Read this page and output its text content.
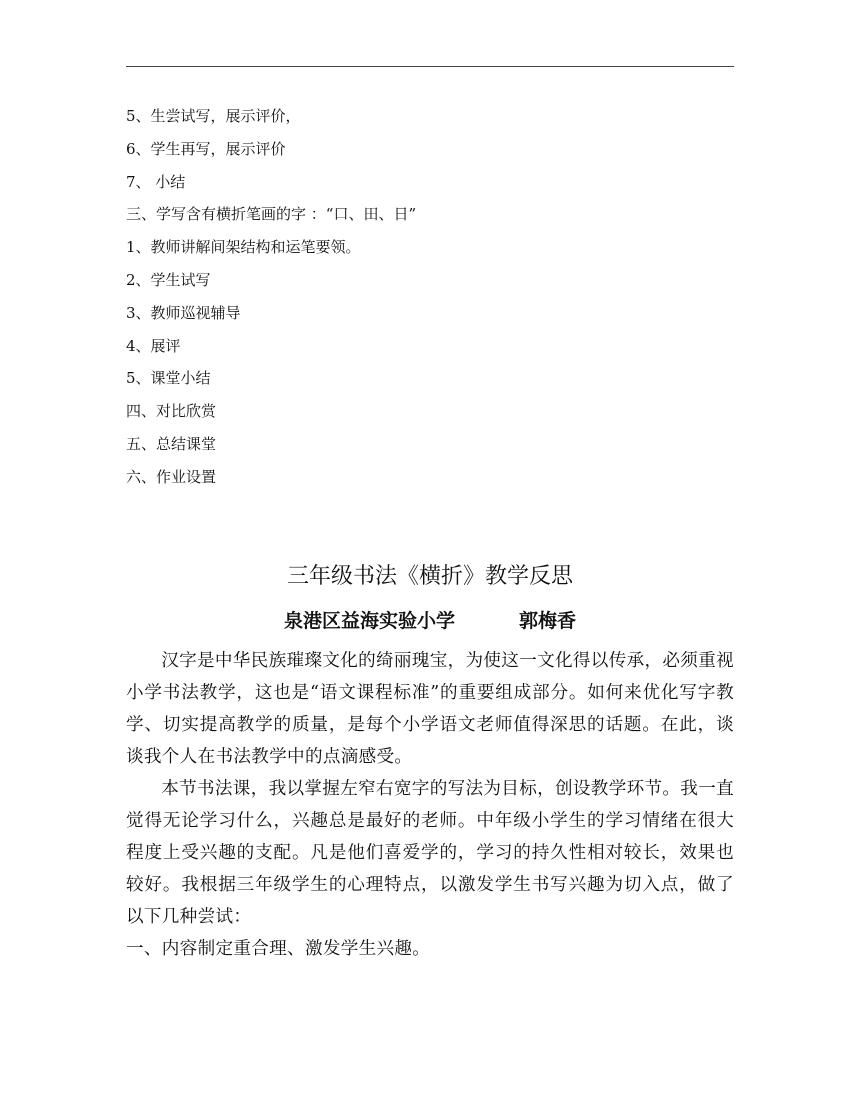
5、生尝试写，展示评价，
6、学生再写，展示评价
7、 小结
三、学写含有横折笔画的字 ：“口、田、日”
1、教师讲解间架结构和运笔要领。
2、学生试写
3、教师巡视辅导
4、展评
5、课堂小结
四、对比欣赏
五、总结课堂
六、作业设置
三年级书法《横折》教学反思
泉港区益海实验小学	郭梅香

汉字是中华民族璀璨文化的绮丽瑰宝，为使这一文化得以传承，必须重视小学书法教学，这也是“语文课程标准”的重要组成部分。如何来优化写字教学、切实提高教学的质量，是每个小学语文老师值得深思的话题。在此，谈谈我个人在书法教学中的点滴感受。

本节书法课，我以掌握左窄右宽字的写法为目标，创设教学环节。我一直觉得无论学习什么，兴趣总是最好的老师。中年级小学生的学习情绪在很大程度上受兴趣的支配。凡是他们喜爱学的，学习的持久性相对较长，效果也较好。我根据三年级学生的心理特点，以激发学生书写兴趣为切入点，做了以下几种尝试：

一、内容制定重合理、激发学生兴趣。
